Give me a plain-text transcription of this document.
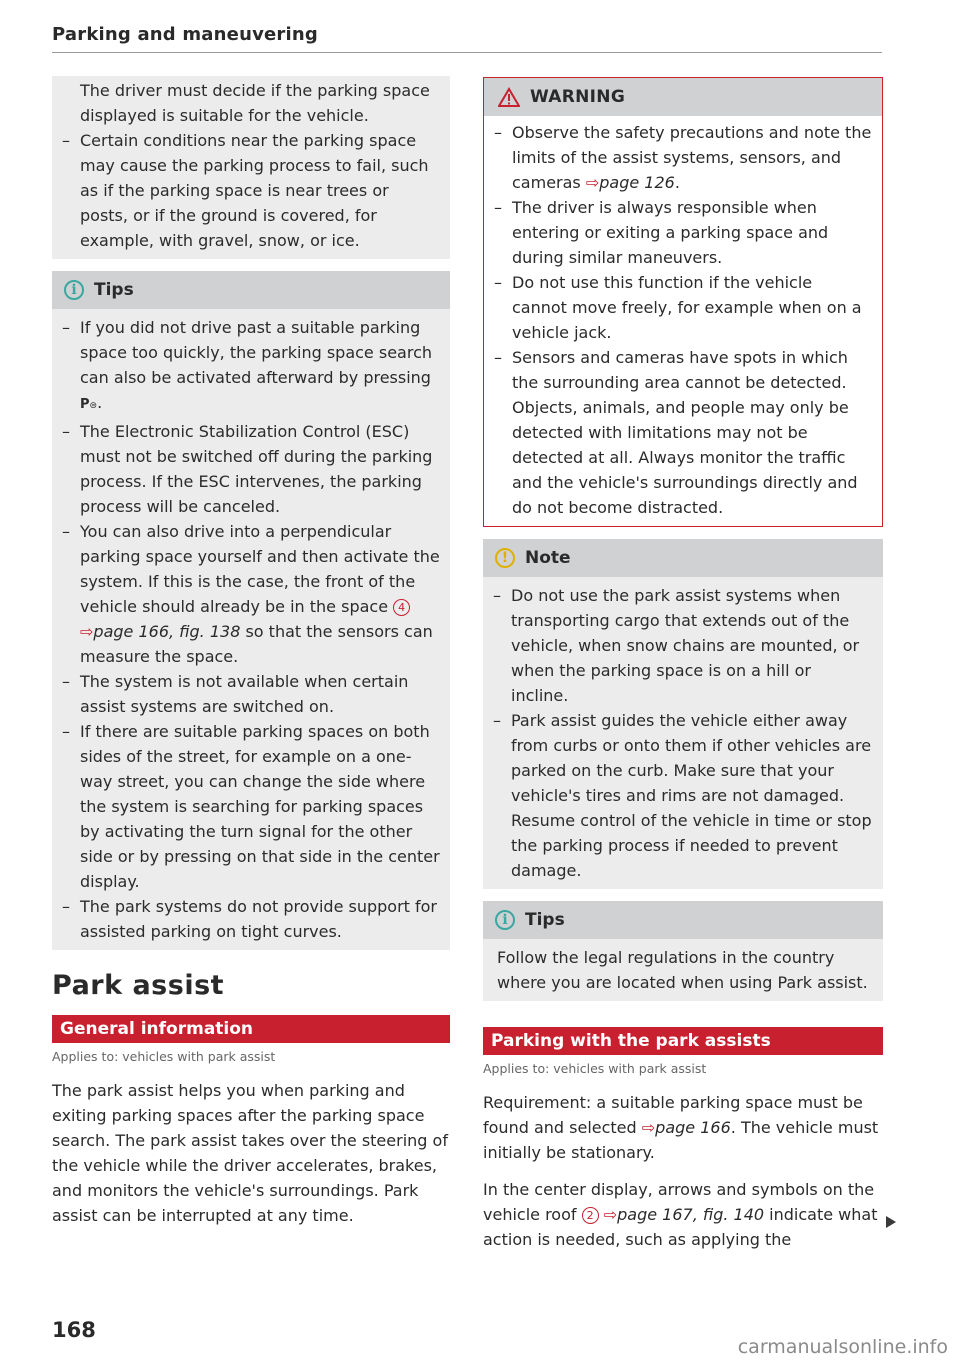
Parking and maneuvering
The driver must decide if the parking space displayed is suitable for the vehicle.
– Certain conditions near the parking space may cause the parking process to fail, such as if the parking space is near trees or posts, or if the ground is covered, for example, with gravel, snow, or ice.
i	Tips
– If you did not drive past a suitable parking space too quickly, the parking space search can also be activated afterward by pressing P⊜.
– The Electronic Stabilization Control (ESC) must not be switched off during the parking process. If the ESC intervenes, the parking process will be canceled.
– You can also drive into a perpendicular parking space yourself and then activate the system. If this is the case, the front of the vehicle should already be in the space 4 ⇨page 166, fig. 138 so that the sensors can measure the space.
– The system is not available when certain assist systems are switched on.
– If there are suitable parking spaces on both sides of the street, for example on a one-way street, you can change the side where the system is searching for parking spaces by activating the turn signal for the other side or by pressing on that side in the center display.
– The park systems do not provide support for assisted parking on tight curves.
Park assist
General information
Applies to: vehicles with park assist
The park assist helps you when parking and exiting parking spaces after the parking space search. The park assist takes over the steering of the vehicle while the driver accelerates, brakes, and monitors the vehicle's surroundings. Park assist can be interrupted at any time.
WARNING
– Observe the safety precautions and note the limits of the assist systems, sensors, and cameras ⇨page 126.
– The driver is always responsible when entering or exiting a parking space and during similar maneuvers.
– Do not use this function if the vehicle cannot move freely, for example when on a vehicle jack.
– Sensors and cameras have spots in which the surrounding area cannot be detected. Objects, animals, and people may only be detected with limitations may not be detected at all. Always monitor the traffic and the vehicle's surroundings directly and do not become distracted.
! Note
– Do not use the park assist systems when transporting cargo that extends out of the vehicle, when snow chains are mounted, or when the parking space is on a hill or incline.
– Park assist guides the vehicle either away from curbs or onto them if other vehicles are parked on the curb. Make sure that your vehicle's tires and rims are not damaged. Resume control of the vehicle in time or stop the parking process if needed to prevent damage.
i	Tips
Follow the legal regulations in the country where you are located when using Park assist.
Parking with the park assists
Applies to: vehicles with park assist
Requirement: a suitable parking space must be found and selected ⇨page 166. The vehicle must initially be stationary.
In the center display, arrows and symbols on the vehicle roof 2 ⇨page 167, fig. 140 indicate what action is needed, such as applying the
168
carmanualsonline.info
